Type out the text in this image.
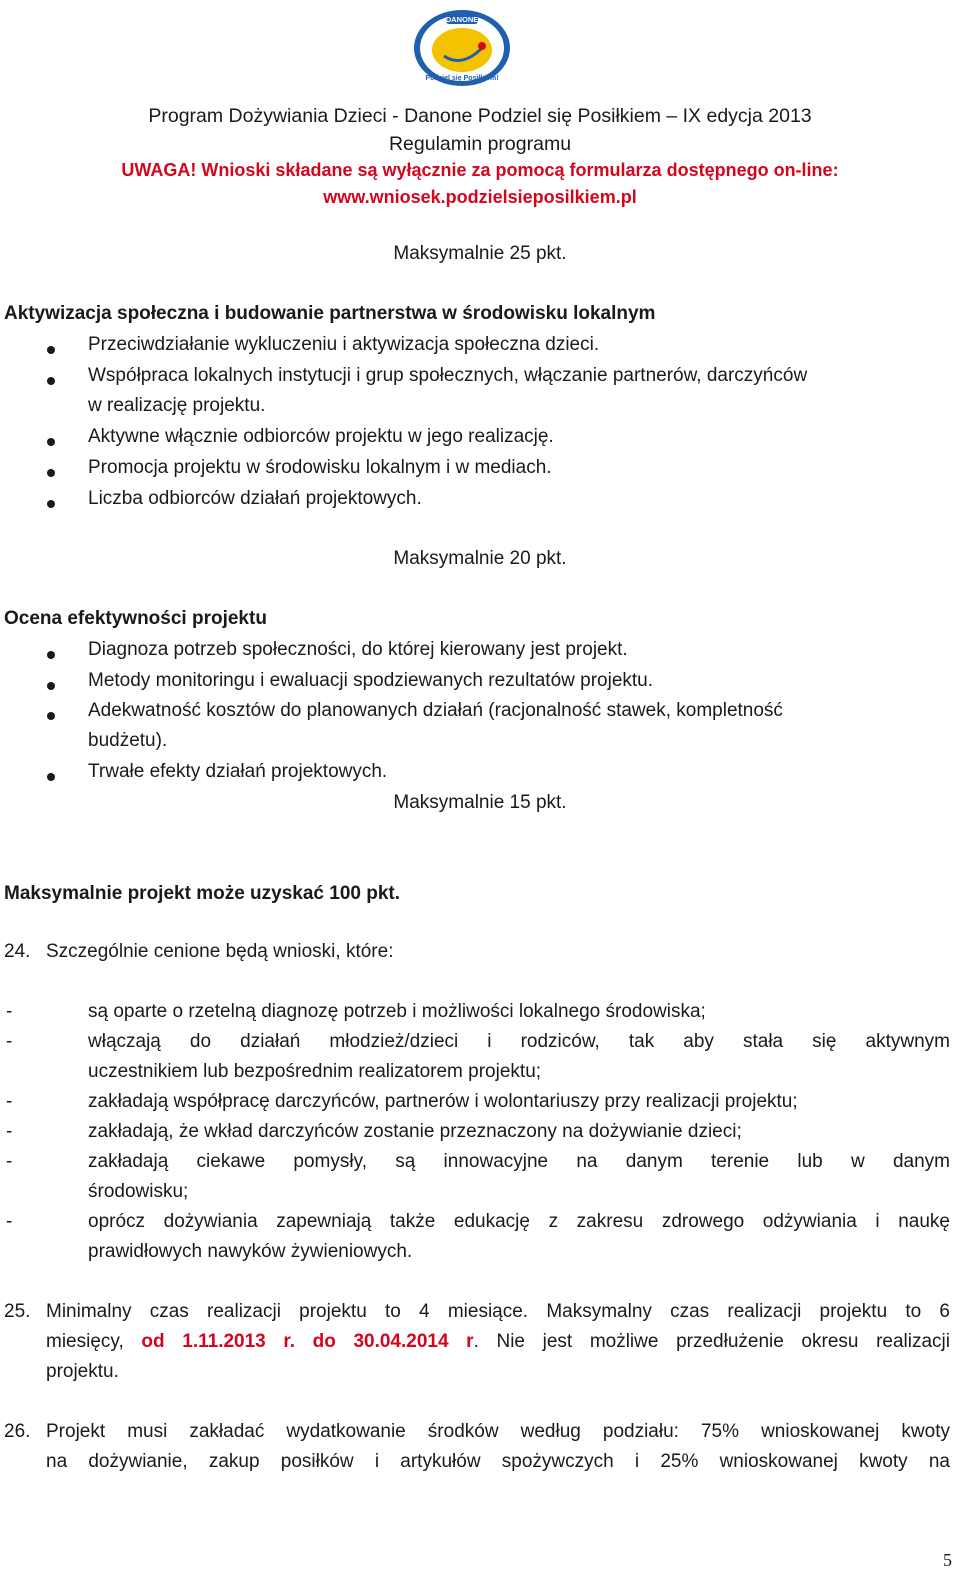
DANONE
Podziel się Posiłkiem!
Program Dożywiania Dzieci - Danone Podziel się Posiłkiem – IX edycja 2013
Regulamin programu
UWAGA! Wnioski składane są wyłącznie za pomocą formularza dostępnego on-line:
www.wniosek.podzielsieposilkiem.pl
Maksymalnie 25 pkt.
Aktywizacja społeczna i budowanie partnerstwa w środowisku lokalnym
Przeciwdziałanie wykluczeniu i aktywizacja społeczna dzieci.
Współpraca lokalnych instytucji i grup społecznych, włączanie partnerów, darczyńców
w realizację projektu.
Aktywne włącznie odbiorców projektu w jego realizację.
Promocja projektu w środowisku lokalnym i w mediach.
Liczba odbiorców działań projektowych.
Maksymalnie 20 pkt.
Ocena efektywności projektu
Diagnoza potrzeb społeczności, do której kierowany jest projekt.
Metody monitoringu i ewaluacji spodziewanych rezultatów projektu.
Adekwatność kosztów do planowanych działań (racjonalność stawek, kompletność
budżetu).
Trwałe efekty działań projektowych.
Maksymalnie 15 pkt.
Maksymalnie projekt może uzyskać 100 pkt.
24. Szczególnie cenione będą wnioski, które:
-	są oparte o rzetelną diagnozę potrzeb i możliwości lokalnego środowiska;
-	włączają do działań młodzież/dzieci i rodziców, tak aby stała się aktywnym
uczestnikiem lub bezpośrednim realizatorem projektu;
-	zakładają współpracę darczyńców, partnerów i wolontariuszy przy realizacji projektu;
-	zakładają, że wkład darczyńców zostanie przeznaczony na dożywianie dzieci;
-	zakładają ciekawe pomysły, są innowacyjne na danym terenie lub w danym
środowisku;
-	oprócz dożywiania zapewniają także edukację z zakresu zdrowego odżywiania i naukę
prawidłowych nawyków żywieniowych.
25. Minimalny czas realizacji projektu to 4 miesiące. Maksymalny czas realizacji projektu to 6
miesięcy, od 1.11.2013 r. do 30.04.2014 r. Nie jest możliwe przedłużenie okresu realizacji
projektu.
26. Projekt musi zakładać wydatkowanie środków według podziału: 75% wnioskowanej kwoty
na dożywianie, zakup posiłków i artykułów spożywczych i 25% wnioskowanej kwoty na
5
